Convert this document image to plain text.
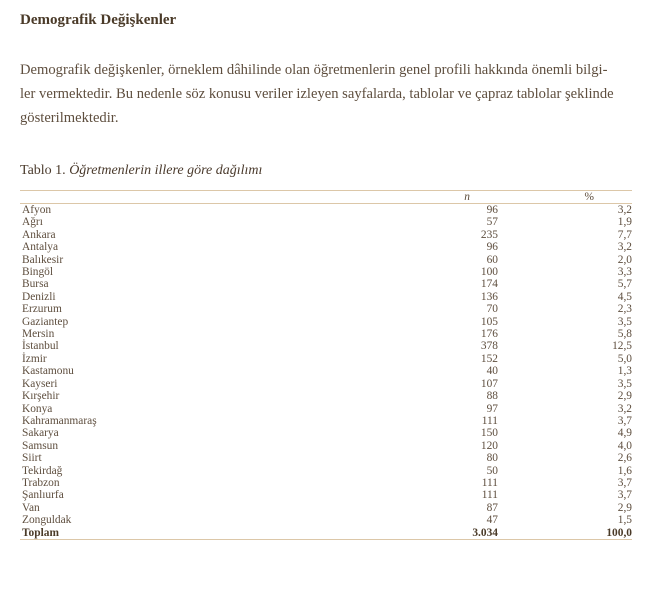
Demografik Değişkenler
Demografik değişkenler, örneklem dâhilinde olan öğretmenlerin genel profili hakkında önemli bilgi-
ler vermektedir. Bu nedenle söz konusu veriler izleyen sayfalarda, tablolar ve çapraz tablolar şeklinde
gösterilmektedir.
Tablo 1. Öğretmenlerin illere göre dağılımı
	n	%
Afyon	96	3,2
Ağrı	57	1,9
Ankara	235	7,7
Antalya	96	3,2
Balıkesir	60	2,0
Bingöl	100	3,3
Bursa	174	5,7
Denizli	136	4,5
Erzurum	70	2,3
Gaziantep	105	3,5
Mersin	176	5,8
İstanbul	378	12,5
İzmir	152	5,0
Kastamonu	40	1,3
Kayseri	107	3,5
Kırşehir	88	2,9
Konya	97	3,2
Kahramanmaraş	111	3,7
Sakarya	150	4,9
Samsun	120	4,0
Siirt	80	2,6
Tekirdağ	50	1,6
Trabzon	111	3,7
Şanlıurfa	111	3,7
Van	87	2,9
Zonguldak	47	1,5
Toplam	3.034	100,0
